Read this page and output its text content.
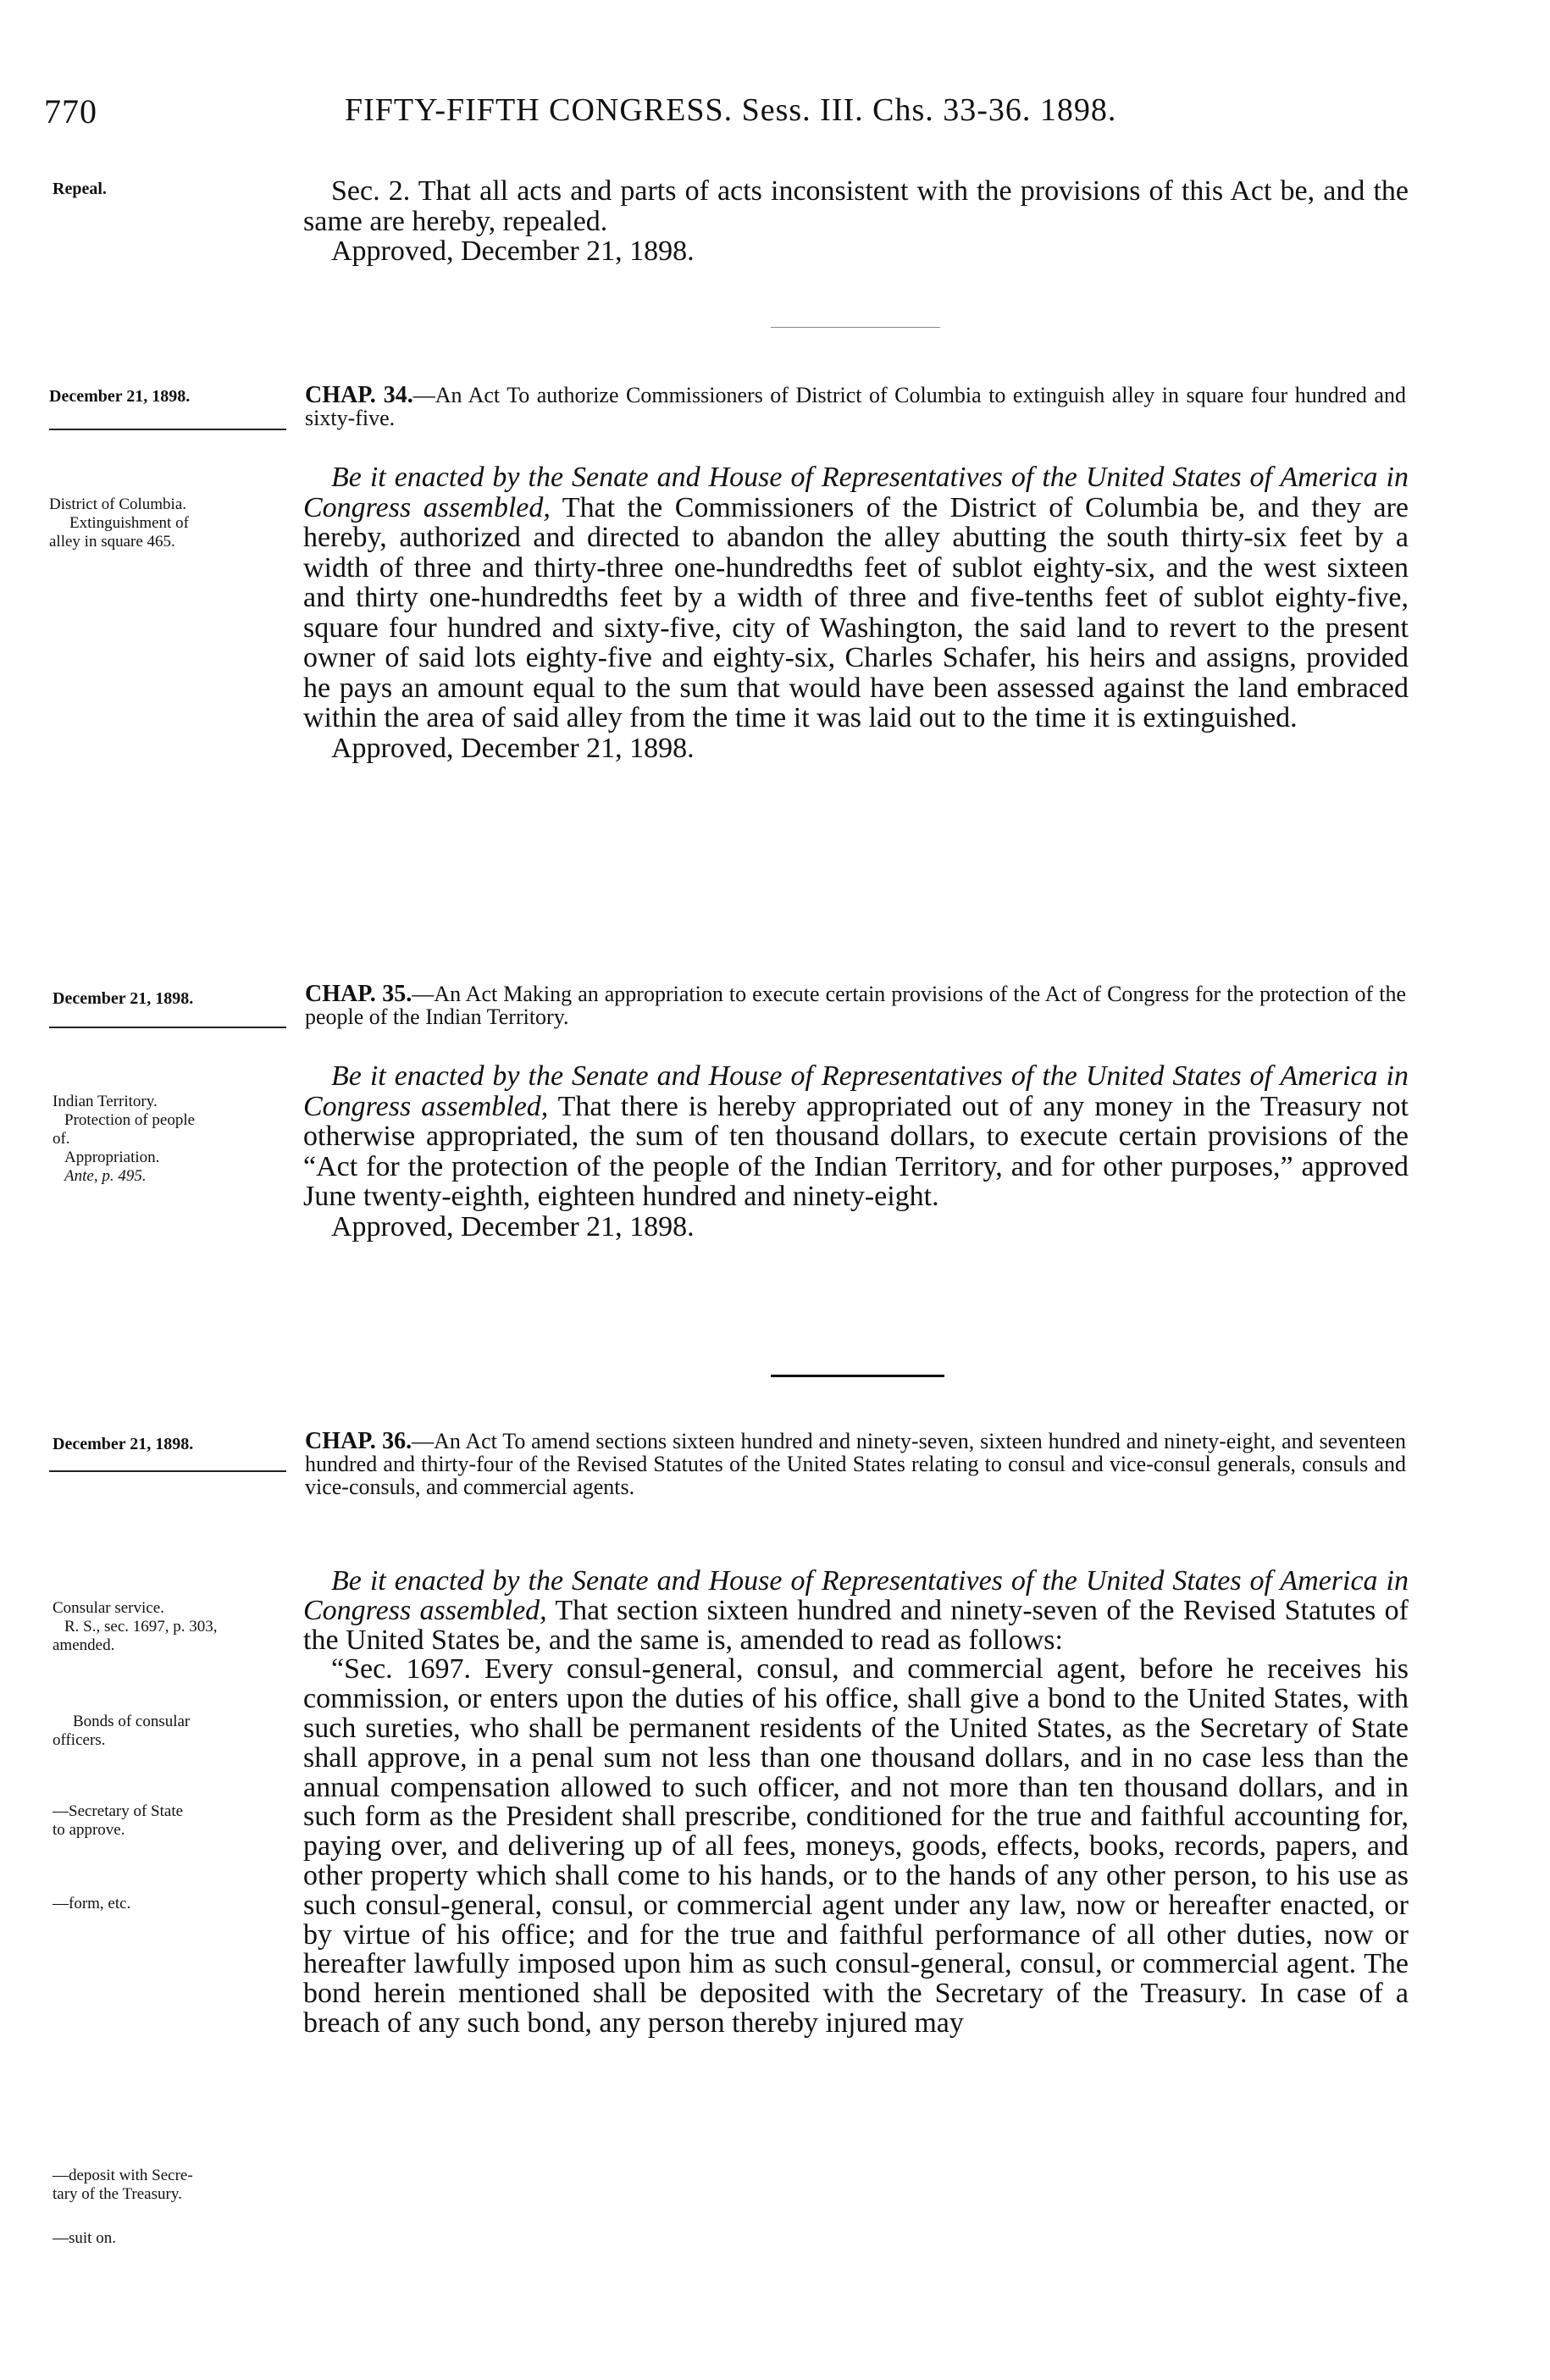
770	FIFTY-FIFTH CONGRESS. Sess. III. Chs. 33-36. 1898.
Repeal.	Sec. 2. That all acts and parts of acts inconsistent with the provisions of this Act be, and the same are hereby, repealed.

Approved, December 21, 1898.

December 21, 1898.	CHAP. 34.—An Act To authorize Commissioners of District of Columbia to extinguish alley in square four hundred and sixty-five.
District of Columbia.
Extinguishment of
alley in square 465.

Be it enacted by the Senate and House of Representatives of the United States of America in Congress assembled, That the Commissioners of the District of Columbia be, and they are hereby, authorized and directed to abandon the alley abutting the south thirty-six feet by a width of three and thirty-three one-hundredths feet of sublot eighty-six, and the west sixteen and thirty one-hundredths feet by a width of three and five-tenths feet of sublot eighty-five, square four hundred and sixty-five, city of Washington, the said land to revert to the present owner of said lots eighty-five and eighty-six, Charles Schafer, his heirs and assigns, provided he pays an amount equal to the sum that would have been assessed against the land embraced within the area of said alley from the time it was laid out to the time it is extinguished.

Approved, December 21, 1898.

December 21, 1898.	CHAP. 35.—An Act Making an appropriation to execute certain provisions of the Act of Congress for the protection of the people of the Indian Territory.
Indian Territory.
Protection of people
of.
Appropriation.
Ante, p. 495.

Be it enacted by the Senate and House of Representatives of the United States of America in Congress assembled, That there is hereby appropriated out of any money in the Treasury not otherwise appropriated, the sum of ten thousand dollars, to execute certain provisions of the “Act for the protection of the people of the Indian Territory, and for other purposes,” approved June twenty-eighth, eighteen hundred and ninety-eight.

Approved, December 21, 1898.

December 21, 1898.	CHAP. 36.—An Act To amend sections sixteen hundred and ninety-seven, sixteen hundred and ninety-eight, and seventeen hundred and thirty-four of the Revised Statutes of the United States relating to consul and vice-consul generals, consuls and vice-consuls, and commercial agents.
Consular service.
R. S., sec. 1697, p. 303,
amended.
Bonds of consular
officers.
—Secretary of State
to approve.
—form, etc.
—deposit with Secre-
tary of the Treasury.
—suit on.

Be it enacted by the Senate and House of Representatives of the United States of America in Congress assembled, That section sixteen hundred and ninety-seven of the Revised Statutes of the United States be, and the same is, amended to read as follows:

“Sec. 1697. Every consul-general, consul, and commercial agent, before he receives his commission, or enters upon the duties of his office, shall give a bond to the United States, with such sureties, who shall be permanent residents of the United States, as the Secretary of State shall approve, in a penal sum not less than one thousand dollars, and in no case less than the annual compensation allowed to such officer, and not more than ten thousand dollars, and in such form as the President shall prescribe, conditioned for the true and faithful accounting for, paying over, and delivering up of all fees, moneys, goods, effects, books, records, papers, and other property which shall come to his hands, or to the hands of any other person, to his use as such consul-general, consul, or commercial agent under any law, now or hereafter enacted, or by virtue of his office; and for the true and faithful performance of all other duties, now or hereafter lawfully imposed upon him as such consul-general, consul, or commercial agent. The bond herein mentioned shall be deposited with the Secretary of the Treasury. In case of a breach of any such bond, any person thereby injured may
